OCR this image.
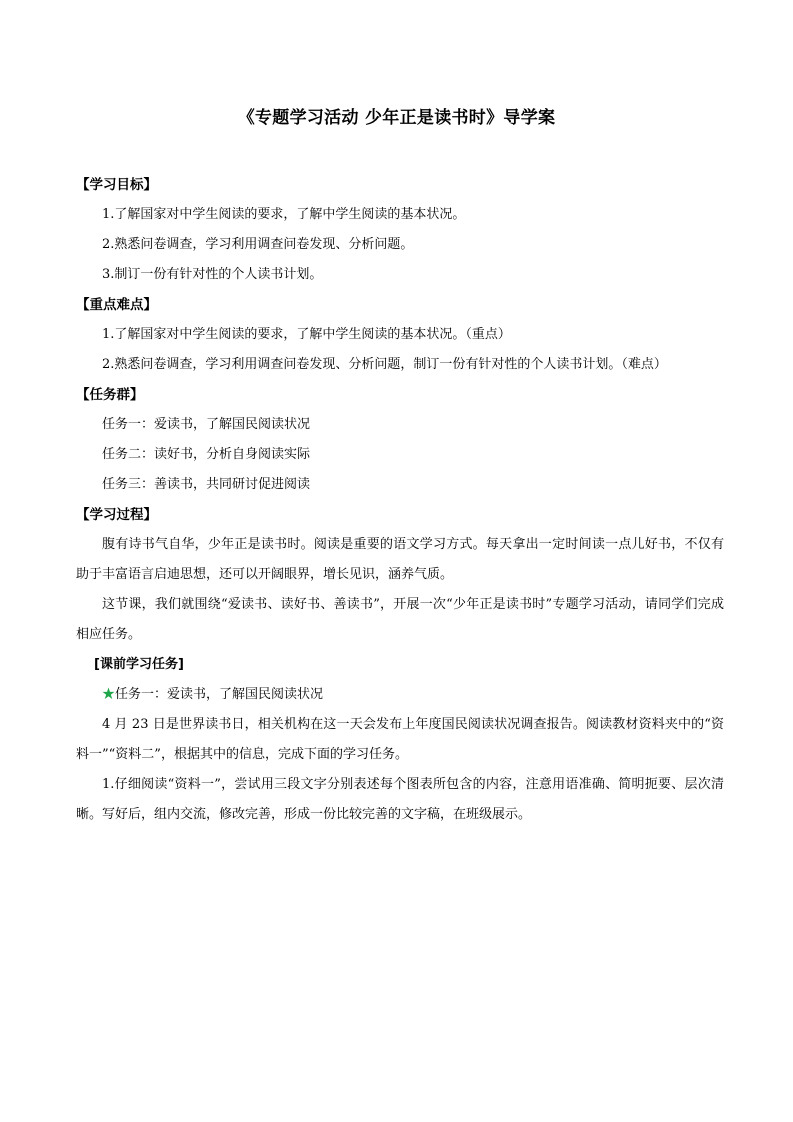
《专题学习活动 少年正是读书时》导学案
【学习目标】
1.了解国家对中学生阅读的要求，了解中学生阅读的基本状况。
2.熟悉问卷调查，学习利用调查问卷发现、分析问题。
3.制订一份有针对性的个人读书计划。
【重点难点】
1.了解国家对中学生阅读的要求，了解中学生阅读的基本状况。（重点）
2.熟悉问卷调查，学习利用调查问卷发现、分析问题，制订一份有针对性的个人读书计划。（难点）
【任务群】
任务一：爱读书，了解国民阅读状况
任务二：读好书，分析自身阅读实际
任务三：善读书，共同研讨促进阅读
【学习过程】
腹有诗书气自华，少年正是读书时。阅读是重要的语文学习方式。每天拿出一定时间读一点儿好书，不仅有助于丰富语言启迪思想，还可以开阔眼界，增长见识，涵养气质。
这节课，我们就围绕“爱读书、读好书、善读书”，开展一次“少年正是读书时”专题学习活动，请同学们完成相应任务。
[课前学习任务]
★任务一：爱读书，了解国民阅读状况
4 月 23 日是世界读书日，相关机构在这一天会发布上年度国民阅读状况调查报告。阅读教材资料夹中的“资料一”“资料二”，根据其中的信息，完成下面的学习任务。
1.仔细阅读“资料一”，尝试用三段文字分别表述每个图表所包含的内容，注意用语准确、简明扼要、层次清晰。写好后，组内交流，修改完善，形成一份比较完善的文字稿，在班级展示。
